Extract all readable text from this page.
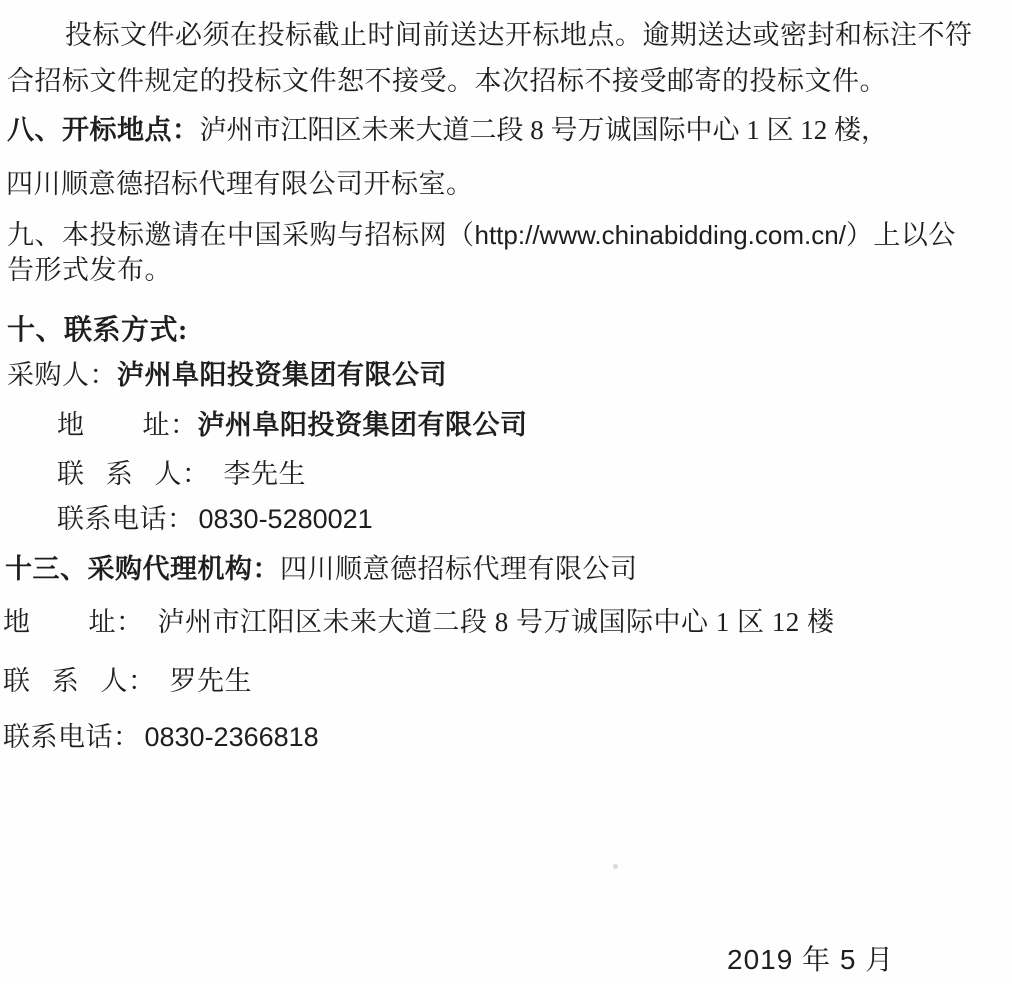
投标文件必须在投标截止时间前送达开标地点。逾期送达或密封和标注不符
合招标文件规定的投标文件恕不接受。本次招标不接受邮寄的投标文件。
八、开标地点：泸州市江阳区未来大道二段 8 号万诚国际中心 1 区 12 楼，
四川顺意德招标代理有限公司开标室。
九、本投标邀请在中国采购与招标网（http://www.chinabidding.com.cn/）上以公
告形式发布。
十、联系方式:
采购人：泸州阜阳投资集团有限公司
地 址：泸州阜阳投资集团有限公司
联 系 人： 李先生
联系电话： 0830-5280021
十三、采购代理机构：四川顺意德招标代理有限公司
地 址： 泸州市江阳区未来大道二段 8 号万诚国际中心 1 区 12 楼
联 系 人： 罗先生
联系电话： 0830-2366818
2019 年 5 月
